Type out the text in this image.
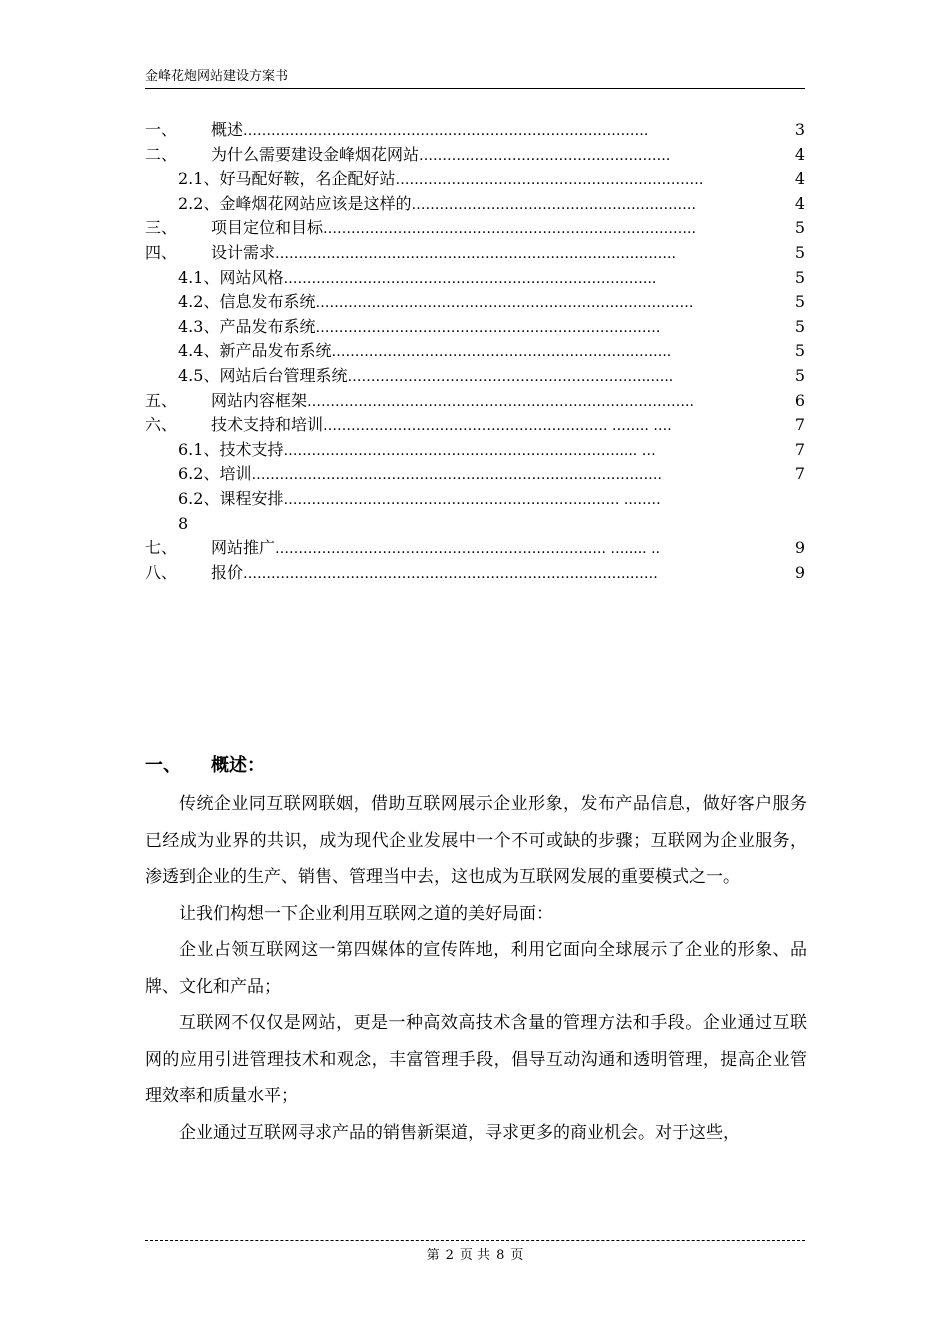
金峰花炮网站建设方案书
一、	概述 ……………………………………..…………………………………….	3
二、	为什么需要建设金峰烟花网站 ………..…………………………………….	4
2.1、好马配好鞍，名企配好站 …………………………………………………………	4
2.2、金峰烟花网站应该是这样的 …………………………………………………….	4
三、	项目定位和目标 ……………………………………………………………………..	5
四、	设计需求 …………………………………………………………………………..	5
4.1、网站风格 ……………………………………………………………………..	5
4.2、信息发布系统 ………………………………………………………………………	5
4.3、产品发布系统 ……………………………………….……………………….	5
4.4、新产品发布系统 ………………………………………………………..……..	5
4.5、网站后台管理系统 ………………………………………………………..…..	5
五、	网站内容框架 ………………………………………………………………………..	6
六、	技术支持和培训 ……………………………………………………. …….. ….	7
6.1、技术支持 ……………………………………………………………….... …	7
6.2、培训 …………………………………………………………………………….	7
6.2、课程安排 ……………………………………………………………… ..……
8
七、	网站推广 …………………………………………………………….. …..... ..	9
八、	报价 ………………………………………………………………………..……	9
一、 概述：

传统企业同互联网联姻，借助互联网展示企业形象，发布产品信息，做好客户服务已经成为业界的共识，成为现代企业发展中一个不可或缺的步骤；互联网为企业服务，渗透到企业的生产、销售、管理当中去，这也成为互联网发展的重要模式之一。

让我们构想一下企业利用互联网之道的美好局面：

企业占领互联网这一第四媒体的宣传阵地，利用它面向全球展示了企业的形象、品牌、文化和产品；

互联网不仅仅是网站，更是一种高效高技术含量的管理方法和手段。企业通过互联网的应用引进管理技术和观念，丰富管理手段，倡导互动沟通和透明管理，提高企业管理效率和质量水平；

企业通过互联网寻求产品的销售新渠道，寻求更多的商业机会。对于这些，

第 2 页 共 8 页
